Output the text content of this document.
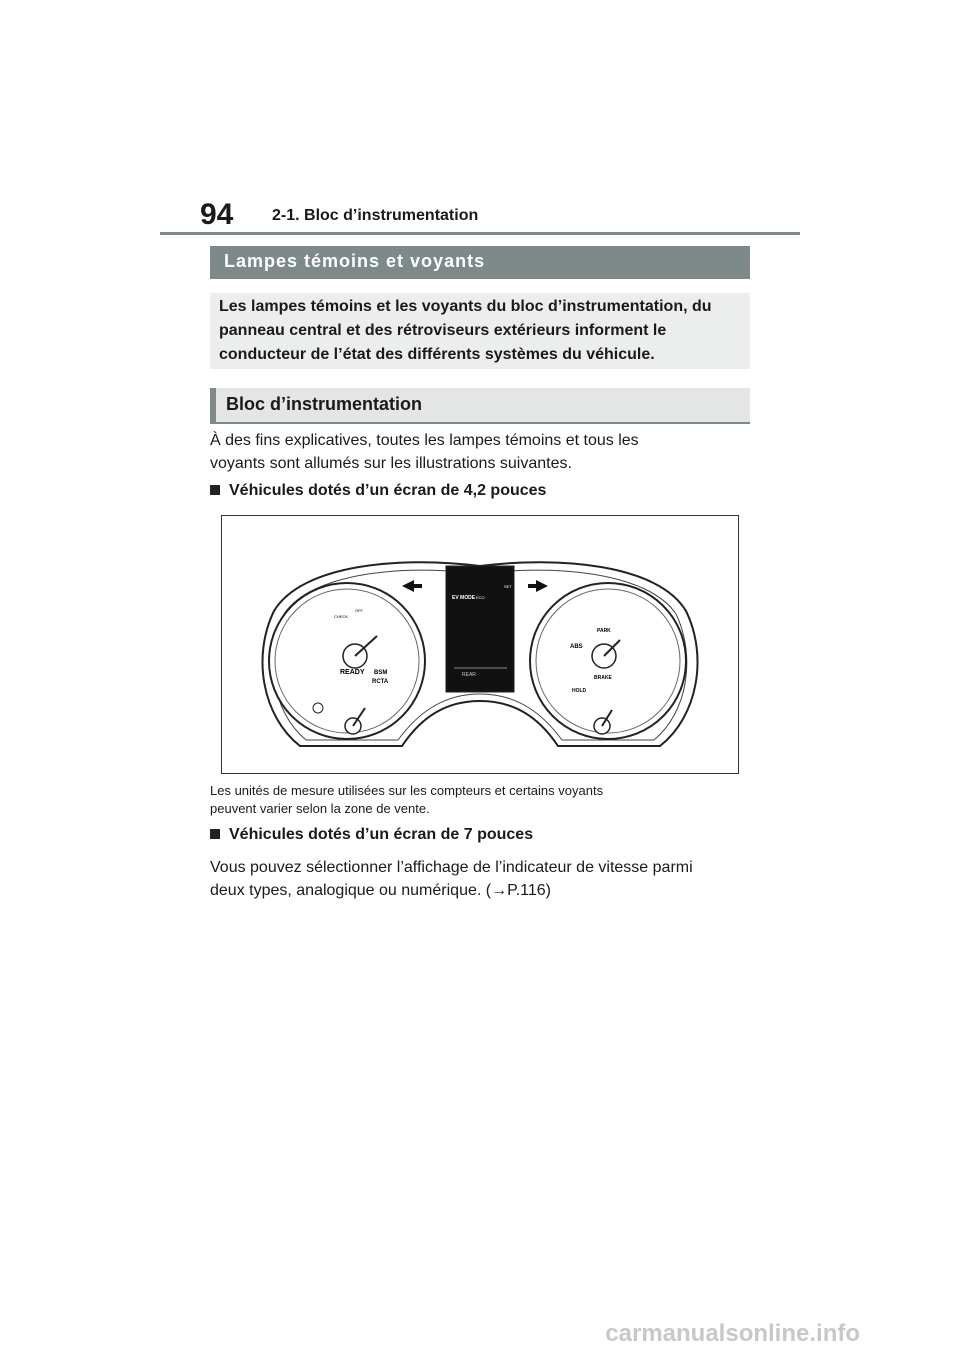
94 2-1. Bloc d’instrumentation
Lampes témoins et voyants
Les lampes témoins et les voyants du bloc d’instrumentation, du panneau central et des rétroviseurs extérieurs informent le conducteur de l’état des différents systèmes du véhicule.
Bloc d’instrumentation
À des fins explicatives, toutes les lampes témoins et tous les
voyants sont allumés sur les illustrations suivantes.
Véhicules dotés d’un écran de 4,2 pouces
READY BSM
RCTA
CHECK
OFF
ABS
PARK
BRAKE
HOLD
EV MODE ECO
SET
REAR
Les unités de mesure utilisées sur les compteurs et certains voyants
peuvent varier selon la zone de vente.
Véhicules dotés d’un écran de 7 pouces
Vous pouvez sélectionner l’affichage de l’indicateur de vitesse parmi
deux types, analogique ou numérique. (→P.116)
carmanualsonline.info
